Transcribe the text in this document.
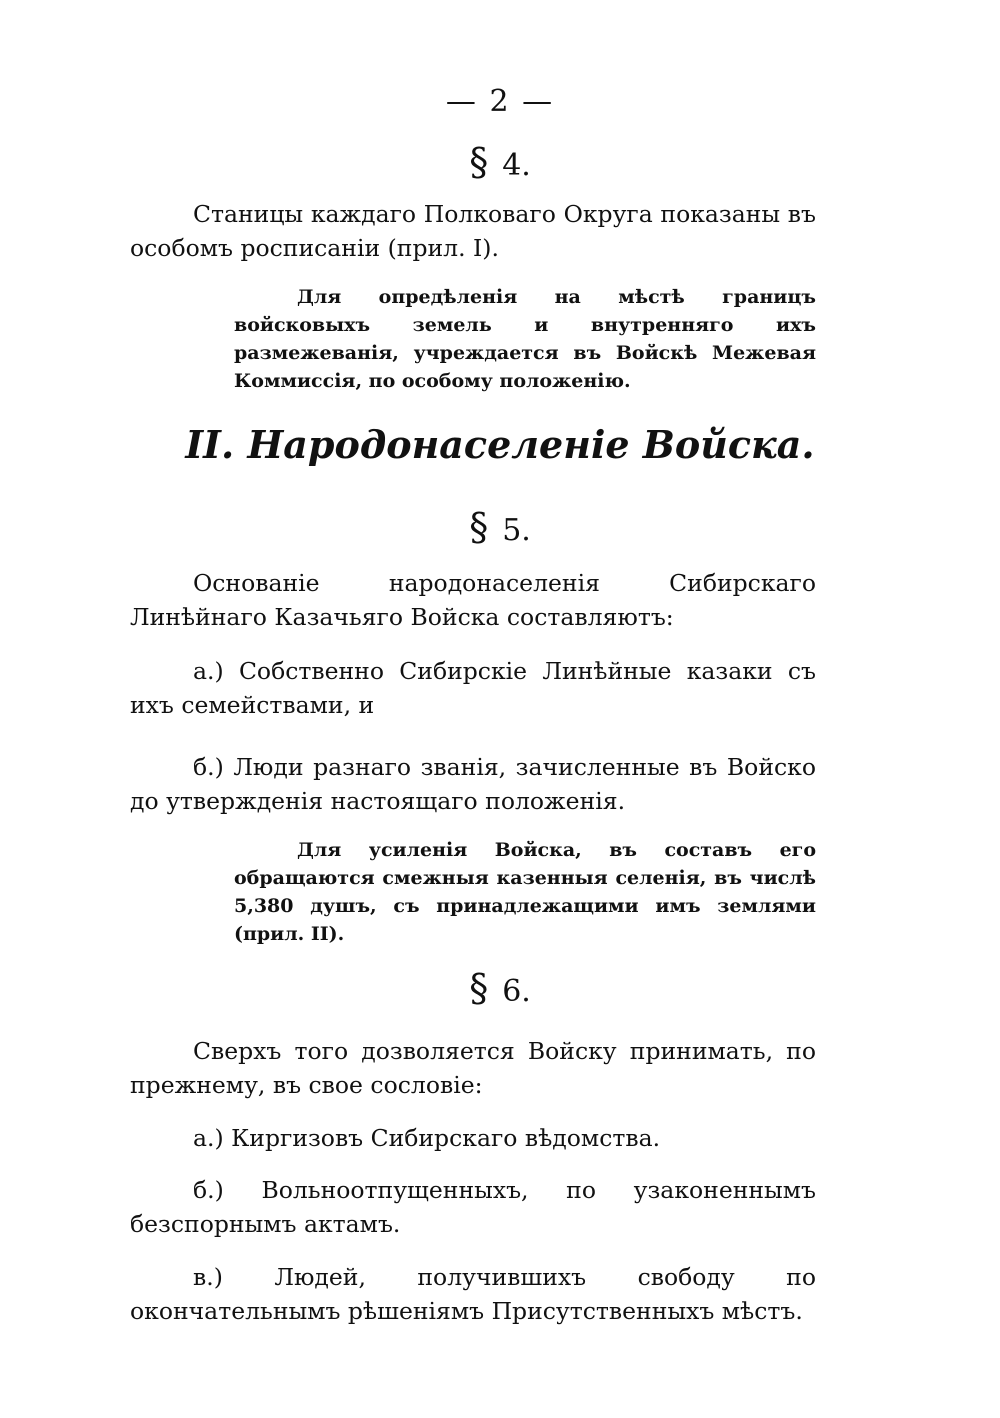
— 2 —
§ 4.

Станицы каждаго Полковаго Округа показаны въ особомъ росписаніи (прил. I).

Для опредѣленія на мѣстѣ границъ войсковыхъ земель и внутренняго ихъ размежеванія, учреждается въ Войскѣ Межевая Коммиссія, по особому положенію.

II. Народонаселеніе Войска.
§ 5.

Основаніе народонаселенія Сибирскаго Линѣйнаго Казачьяго Войска составляютъ:

а.) Собственно Сибирскіе Линѣйные казаки съ ихъ семействами, и

б.) Люди разнаго званія, зачисленные въ Войско до утвержденія настоящаго положенія.

Для усиленія Войска, въ составъ его обращаются смежныя казенныя селенія, въ числѣ 5,380 душъ, съ принадлежащими имъ землями (прил. II).

§ 6.

Сверхъ того дозволяется Войску принимать, по прежнему, въ свое сословіе:

а.) Киргизовъ Сибирскаго вѣдомства.

б.) Вольноотпущенныхъ, по узаконеннымъ безспорнымъ актамъ.

в.) Людей, получившихъ свободу по окончательнымъ рѣшеніямъ Присутственныхъ мѣстъ.
